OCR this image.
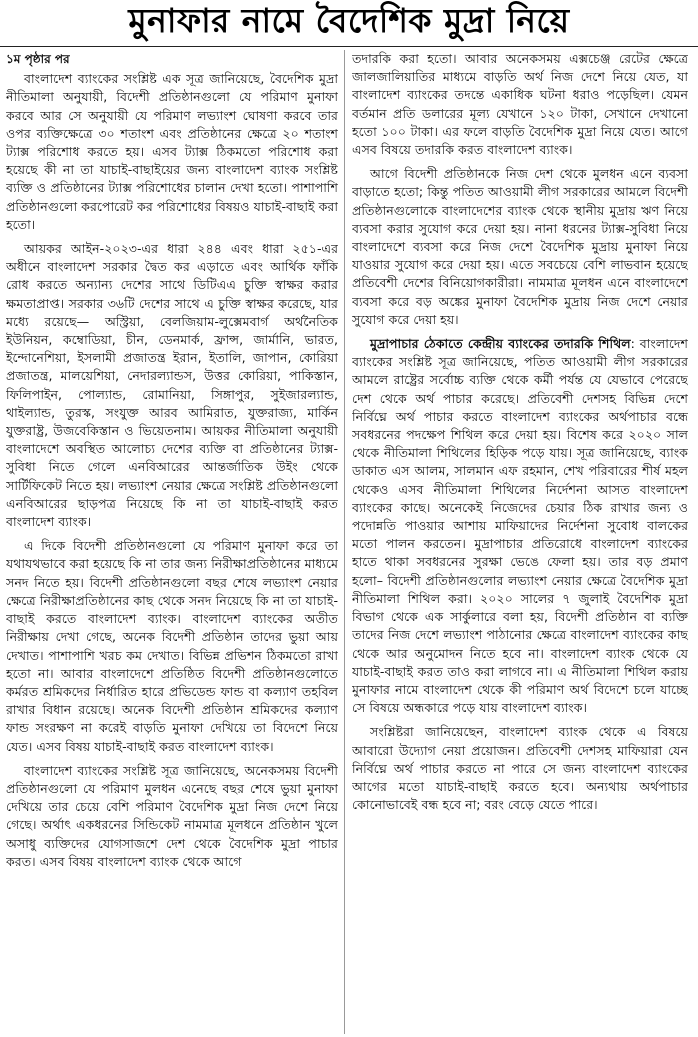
মুনাফার নামে বৈদেশিক মুদ্রা নিয়ে
১ম পৃষ্ঠার পর

বাংলাদেশ ব্যাংকের সংশ্লিষ্ট এক সূত্র জানিয়েছে, বৈদেশিক মুদ্রা নীতিমালা অনুযায়ী, বিদেশী প্রতিষ্ঠানগুলো যে পরিমাণ মুনাফা করবে আর সে অনুযায়ী যে পরিমাণ লভ্যাংশ ঘোষণা করবে তার ওপর ব্যক্তিক্ষেত্রে ৩০ শতাংশ এবং প্রতিষ্ঠানের ক্ষেত্রে ২০ শতাংশ ট্যাক্স পরিশোধ করতে হয়। এসব ট্যাক্স ঠিকমতো পরিশোধ করা হয়েছে কী না তা যাচাই-বাছাইয়ের জন্য বাংলাদেশ ব্যাংক সংশ্লিষ্ট ব্যক্তি ও প্রতিষ্ঠানের ট্যাক্স পরিশোধের চালান দেখা হতো। পাশাপাশি প্রতিষ্ঠানগুলো করপোরেট কর পরিশোধের বিষয়ও যাচাই-বাছাই করা হতো।

আয়কর আইন-২০২৩-এর ধারা ২৪৪ এবং ধারা ২৫১-এর অধীনে বাংলাদেশ সরকার দ্বৈত কর এড়াতে এবং আর্থিক ফাঁকি রোধ করতে অন্যান্য দেশের সাথে ডিটিএএ চুক্তি স্বাক্ষর করার ক্ষমতাপ্রাপ্ত। সরকার ৩৬টি দেশের সাথে এ চুক্তি স্বাক্ষর করেছে, যার মধ্যে রয়েছে— অস্ট্রিয়া, বেলজিয়াম-লুক্সেমবার্গ অর্থনৈতিক ইউনিয়ন, কম্বোডিয়া, চীন, ডেনমার্ক, ফ্রান্স, জার্মানি, ভারত, ইন্দোনেশিয়া, ইসলামী প্রজাতন্ত্র ইরান, ইতালি, জাপান, কোরিয়া প্রজাতন্ত্র, মালয়েশিয়া, নেদারল্যান্ডস, উত্তর কোরিয়া, পাকিস্তান, ফিলিপাইন, পোল্যান্ড, রোমানিয়া, সিঙ্গাপুর, সুইজারল্যান্ড, থাইল্যান্ড, তুরস্ক, সংযুক্ত আরব আমিরাত, যুক্তরাজ্য, মার্কিন যুক্তরাষ্ট্র, উজবেকিস্তান ও ভিয়েতনাম। আয়কর নীতিমালা অনুযায়ী বাংলাদেশে অবস্থিত আলোচ্য দেশের ব্যক্তি বা প্রতিষ্ঠানের ট্যাক্স-সুবিধা নিতে গেলে এনবিআরের আন্তর্জাতিক উইং থেকে সার্টিফিকেট নিতে হয়। লভ্যাংশ নেয়ার ক্ষেত্রে সংশ্লিষ্ট প্রতিষ্ঠানগুলো এনবিআরের ছাড়পত্র নিয়েছে কি না তা যাচাই-বাছাই করত বাংলাদেশ ব্যাংক।

এ দিকে বিদেশী প্রতিষ্ঠানগুলো যে পরিমাণ মুনাফা করে তা যথাযথভাবে করা হয়েছে কি না তার জন্য নিরীক্ষাপ্রতিষ্ঠানের মাধ্যমে সনদ নিতে হয়। বিদেশী প্রতিষ্ঠানগুলো বছর শেষে লভ্যাংশ নেয়ার ক্ষেত্রে নিরীক্ষাপ্রতিষ্ঠানের কাছ থেকে সনদ নিয়েছে কি না তা যাচাই-বাছাই করতে বাংলাদেশ ব্যাংক। বাংলাদেশ ব্যাংকের অতীত নিরীক্ষায় দেখা গেছে, অনেক বিদেশী প্রতিষ্ঠান তাদের ভুয়া আয় দেখাত। পাশাপাশি খরচ কম দেখাত। বিভিন্ন প্রভিশন ঠিকমতো রাখা হতো না। আবার বাংলাদেশে প্রতিষ্ঠিত বিদেশী প্রতিষ্ঠানগুলোতে কর্মরত শ্রমিকদের নির্ধারিত হারে প্রভিডেন্ড ফান্ড বা কল্যাণ তহবিল রাখার বিধান রয়েছে। অনেক বিদেশী প্রতিষ্ঠান শ্রমিকদের কল্যাণ ফান্ড সংরক্ষণ না করেই বাড়তি মুনাফা দেখিয়ে তা বিদেশে নিয়ে যেত। এসব বিষয় যাচাই-বাছাই করত বাংলাদেশ ব্যাংক।

বাংলাদেশ ব্যাংকের সংশ্লিষ্ট সূত্র জানিয়েছে, অনেকসময় বিদেশী প্রতিষ্ঠানগুলো যে পরিমাণ মুলধন এনেছে বছর শেষে ভুয়া মুনাফা দেখিয়ে তার চেয়ে বেশি পরিমাণ বৈদেশিক মুদ্রা নিজ দেশে নিয়ে গেছে। অর্থাৎ একধরনের সিন্ডিকেট নামমাত্র মূলধনে প্রতিষ্ঠান খুলে অসাধু ব্যক্তিদের যোগসাজশে দেশ থেকে বৈদেশিক মুদ্রা পাচার করত। এসব বিষয় বাংলাদেশ ব্যাংক থেকে আগে

তদারকি করা হতো। আবার অনেকসময় এক্সচেঞ্জ রেটের ক্ষেত্রে জালজালিয়াতির মাধ্যমে বাড়তি অর্থ নিজ দেশে নিয়ে যেত, যা বাংলাদেশ ব্যাংকের তদন্তে একাধিক ঘটনা ধরাও পড়েছিল। যেমন বর্তমান প্রতি ডলারের মূল্য যেখানে ১২০ টাকা, সেখানে দেখানো হতো ১০০ টাকা। এর ফলে বাড়তি বৈদেশিক মুদ্রা নিয়ে যেত। আগে এসব বিষয়ে তদারকি করত বাংলাদেশ ব্যাংক।

আগে বিদেশী প্রতিষ্ঠানকে নিজ দেশ থেকে মুলধন এনে ব্যবসা বাড়াতে হতো; কিন্তু পতিত আওয়ামী লীগ সরকারের আমলে বিদেশী প্রতিষ্ঠানগুলোকে বাংলাদেশের ব্যাংক থেকে স্থানীয় মুদ্রায় ঋণ নিয়ে ব্যবসা করার সুযোগ করে দেয়া হয়। নানা ধরনের ট্যাক্স-সুবিধা নিয়ে বাংলাদেশে ব্যবসা করে নিজ দেশে বৈদেশিক মুদ্রায় মুনাফা নিয়ে যাওয়ার সুযোগ করে দেয়া হয়। এতে সবচেয়ে বেশি লাভবান হয়েছে প্রতিবেশী দেশের বিনিয়োগকারীরা। নামমাত্র মূলধন এনে বাংলাদেশে ব্যবসা করে বড় অঙ্কের মুনাফা বৈদেশিক মুদ্রায় নিজ দেশে নেয়ার সুযোগ করে দেয়া হয়।

মুদ্রাপাচার ঠেকাতে কেন্দ্রীয় ব্যাংকের তদারকি শিথিল: বাংলাদেশ ব্যাংকের সংশ্লিষ্ট সূত্র জানিয়েছে, পতিত আওয়ামী লীগ সরকারের আমলে রাষ্ট্রের সর্বোচ্চ ব্যক্তি থেকে কর্মী পর্যন্ত যে যেভাবে পেরেছে দেশ থেকে অর্থ পাচার করেছে। প্রতিবেশী দেশসহ বিভিন্ন দেশে নির্বিঘ্নে অর্থ পাচার করতে বাংলাদেশ ব্যাংকের অর্থপাচার বন্ধে সবধরনের পদক্ষেপ শিথিল করে দেয়া হয়। বিশেষ করে ২০২০ সাল থেকে নীতিমালা শিথিলের হিড়িক পড়ে যায়। সূত্র জানিয়েছে, ব্যাংক ডাকাত এস আলম, সালমান এফ রহমান, শেখ পরিবারের শীর্ষ মহল থেকেও এসব নীতিমালা শিথিলের নির্দেশনা আসত বাংলাদেশ ব্যাংকের কাছে। অনেকেই নিজেদের চেয়ার ঠিক রাখার জন্য ও পদোন্নতি পাওয়ার আশায় মাফিয়াদের নির্দেশনা সুবোধ বালকের মতো পালন করতেন। মুদ্রাপাচার প্রতিরোধে বাংলাদেশ ব্যাংকের হাতে থাকা সবধরনের সুরক্ষা ভেঙে ফেলা হয়। তার বড় প্রমাণ হলো– বিদেশী প্রতিষ্ঠানগুলোর লভ্যাংশ নেয়ার ক্ষেত্রে বৈদেশিক মুদ্রা নীতিমালা শিথিল করা। ২০২০ সালের ৭ জুলাই বৈদেশিক মুদ্রা বিভাগ থেকে এক সার্কুলারে বলা হয়, বিদেশী প্রতিষ্ঠান বা ব্যক্তি তাদের নিজ দেশে লভ্যাংশ পাঠানোর ক্ষেত্রে বাংলাদেশ ব্যাংকের কাছ থেকে আর অনুমোদন নিতে হবে না। বাংলাদেশ ব্যাংক থেকে যে যাচাই-বাছাই করত তাও করা লাগবে না। এ নীতিমালা শিথিল করায় মুনাফার নামে বাংলাদেশ থেকে কী পরিমাণ অর্থ বিদেশে চলে যাচ্ছে সে বিষয়ে অন্ধকারে পড়ে যায় বাংলাদেশ ব্যাংক।

সংশ্লিষ্টরা জানিয়েছেন, বাংলাদেশ ব্যাংক থেকে এ বিষয়ে আবারো উদ্যোগ নেয়া প্রয়োজন। প্রতিবেশী দেশসহ মাফিয়ারা যেন নির্বিঘ্নে অর্থ পাচার করতে না পারে সে জন্য বাংলাদেশ ব্যাংকের আগের মতো যাচাই-বাছাই করতে হবে। অন্যথায় অর্থপাচার কোনোভাবেই বন্ধ হবে না; বরং বেড়ে যেতে পারে।
